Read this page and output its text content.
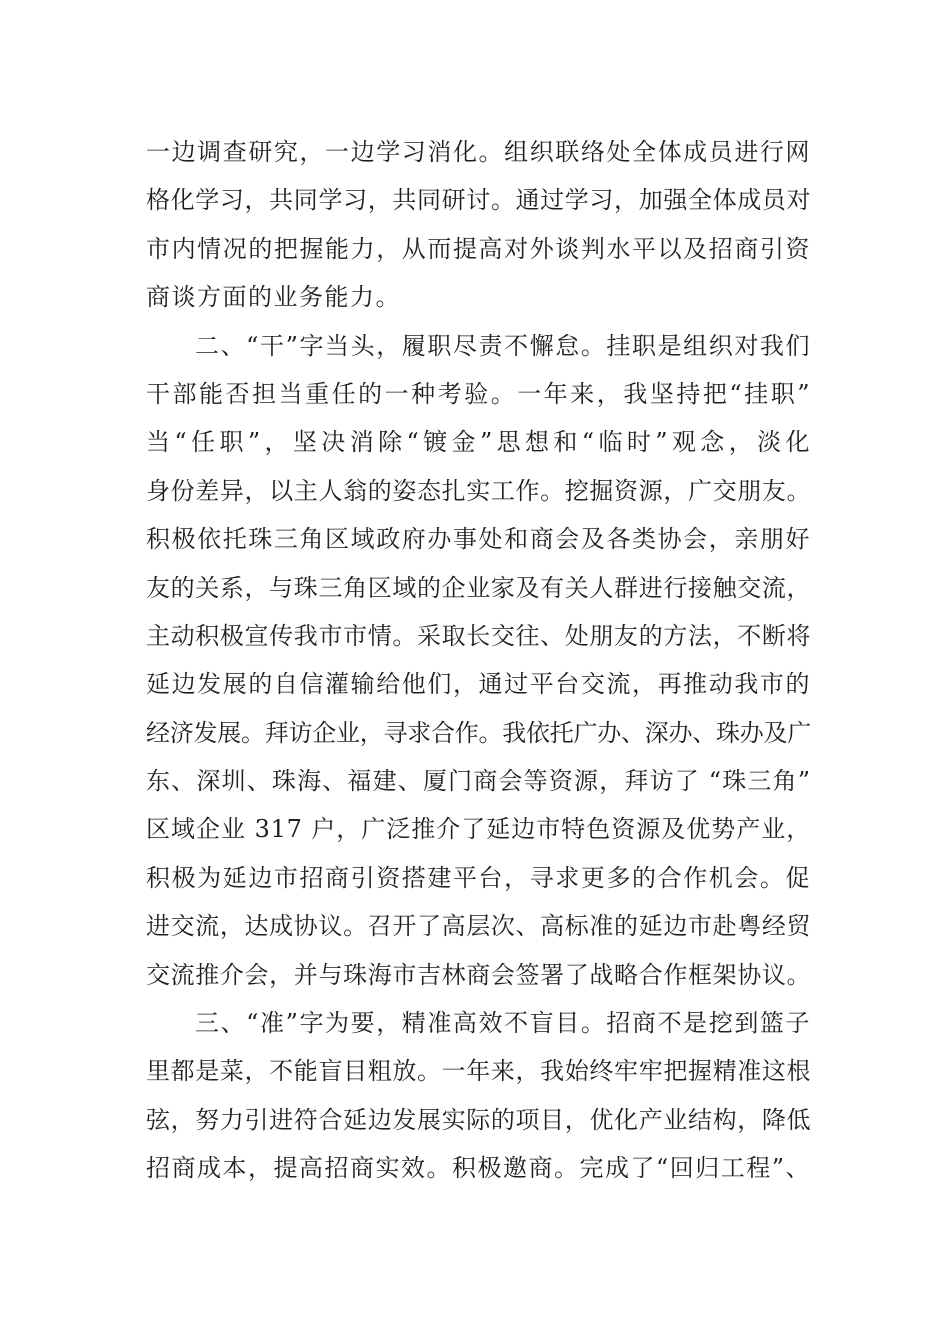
一边调查研究，一边学习消化。组织联络处全体成员进行网
格化学习，共同学习，共同研讨。通过学习，加强全体成员对
市内情况的把握能力，从而提高对外谈判水平以及招商引资
商谈方面的业务能力。
二、“干”字当头，履职尽责不懈怠。挂职是组织对我们
干部能否担当重任的一种考验。一年来，我坚持把“挂职”
当“任职”，坚决消除“镀金”思想和“临时”观念，淡化
身份差异，以主人翁的姿态扎实工作。挖掘资源，广交朋友。
积极依托珠三角区域政府办事处和商会及各类协会，亲朋好
友的关系，与珠三角区域的企业家及有关人群进行接触交流，
主动积极宣传我市市情。采取长交往、处朋友的方法，不断将
延边发展的自信灌输给他们，通过平台交流，再推动我市的
经济发展。拜访企业，寻求合作。我依托广办、深办、珠办及广
东、深圳、珠海、福建、厦门商会等资源，拜访了 “珠三角”
区域企业 317 户，广泛推介了延边市特色资源及优势产业，
积极为延边市招商引资搭建平台，寻求更多的合作机会。促
进交流，达成协议。召开了高层次、高标准的延边市赴粤经贸
交流推介会，并与珠海市吉林商会签署了战略合作框架协议。
三、“准”字为要，精准高效不盲目。招商不是挖到篮子
里都是菜，不能盲目粗放。一年来，我始终牢牢把握精准这根
弦，努力引进符合延边发展实际的项目，优化产业结构，降低
招商成本，提高招商实效。积极邀商。完成了“回归工程”、
